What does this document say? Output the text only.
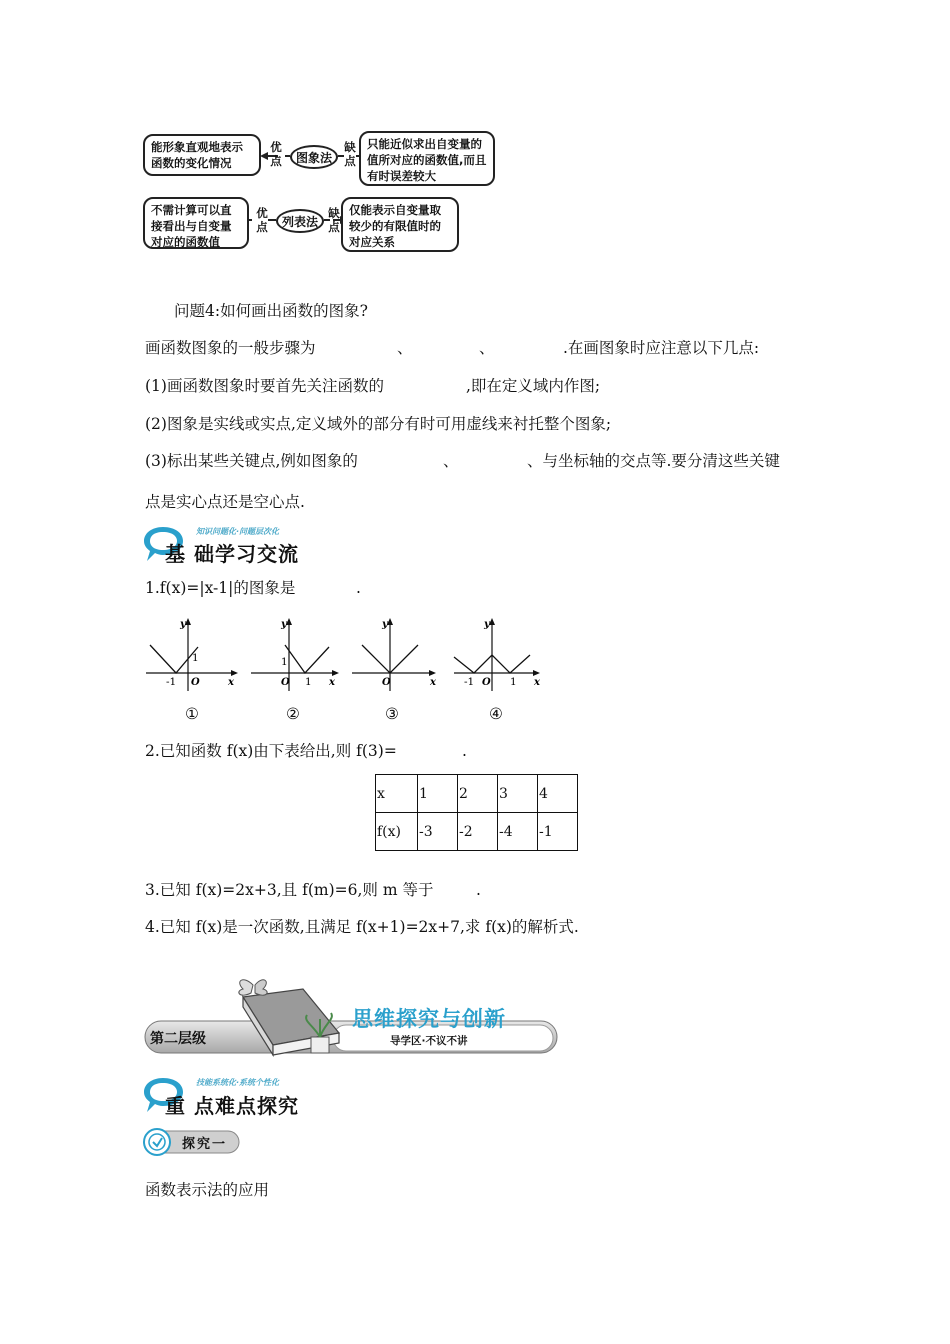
能形象直观地表示函数的变化情况
优点	图象法
缺点
只能近似求出自变量的值所对应的函数值,而且有时误差较大
不需计算可以直接看出与自变量对应的函数值
优点	列表法
缺点
仅能表示自变量取较少的有限值时的对应关系
问题4:如何画出函数的图象?
画函数图象的一般步骤为	、	、	.在画图象时应注意以下几点:
(1)画函数图象时要首先关注函数的	,即在定义域内作图;
(2)图象是实线或实点,定义域外的部分有时可用虚线来衬托整个图象;
(3)标出某些关键点,例如图象的	、	、与坐标轴的交点等.要分清这些关键
点是实心点还是空心点.
知识问题化·问题层次化
基 础学习交流
1.f(x)=|x-1|的图象是	.
y
x
O
-1
1
①
y
x
O 1
1
②
y
x
O
③
y
x
O
-1	1
④
2.已知函数 f(x)由下表给出,则 f(3)=	.
x	1	2	3	4
f(x)	-3	-2	-4	-1
3.已知 f(x)=2x+3,且 f(m)=6,则 m 等于	.
4.已知 f(x)是一次函数,且满足 f(x+1)=2x+7,求 f(x)的解析式.
第二层级
思维探究与创新
导学区·不议不讲
技能系统化·系统个性化
重 点难点探究
探究一
函数表示法的应用
